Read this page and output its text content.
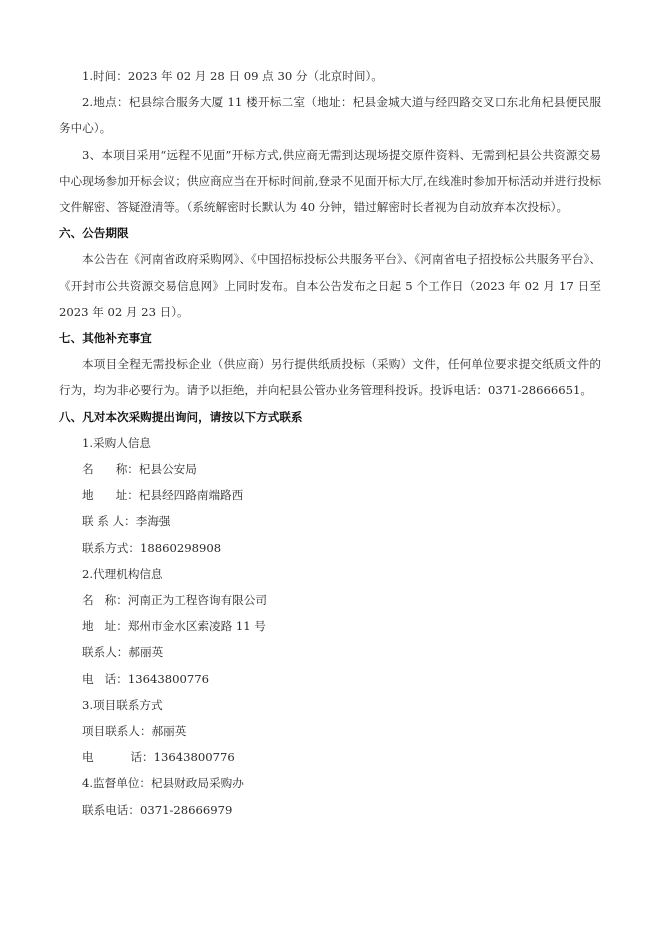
1.时间：2023 年 02 月 28 日 09 点 30 分（北京时间）。

2.地点：杞县综合服务大厦 11 楼开标二室（地址：杞县金城大道与经四路交叉口东北角杞县便民服务中心）。

3、本项目采用“远程不见面”开标方式,供应商无需到达现场提交原件资料、无需到杞县公共资源交易中心现场参加开标会议；供应商应当在开标时间前,登录不见面开标大厅,在线准时参加开标活动并进行投标文件解密、答疑澄清等。（系统解密时长默认为 40 分钟，错过解密时长者视为自动放弃本次投标）。

六、公告期限

本公告在《河南省政府采购网》、《中国招标投标公共服务平台》、《河南省电子招投标公共服务平台》、《开封市公共资源交易信息网》上同时发布。自本公告发布之日起 5 个工作日（2023 年 02 月 17 日至 2023 年 02 月 23 日）。

七、其他补充事宜

本项目全程无需投标企业（供应商）另行提供纸质投标（采购）文件，任何单位要求提交纸质文件的行为，均为非必要行为。请予以拒绝，并向杞县公管办业务管理科投诉。投诉电话：0371-28666651。

八、凡对本次采购提出询问，请按以下方式联系

1.采购人信息

名      称：杞县公安局

地      址：杞县经四路南端路西

联 系 人：李海强

联系方式：18860298908

2.代理机构信息

名   称：河南正为工程咨询有限公司

地   址：郑州市金水区索凌路 11 号

联系人：郝丽英

电   话：13643800776

3.项目联系方式

项目联系人：郝丽英

电          话：13643800776

4.监督单位：杞县财政局采购办

联系电话：0371-28666979
